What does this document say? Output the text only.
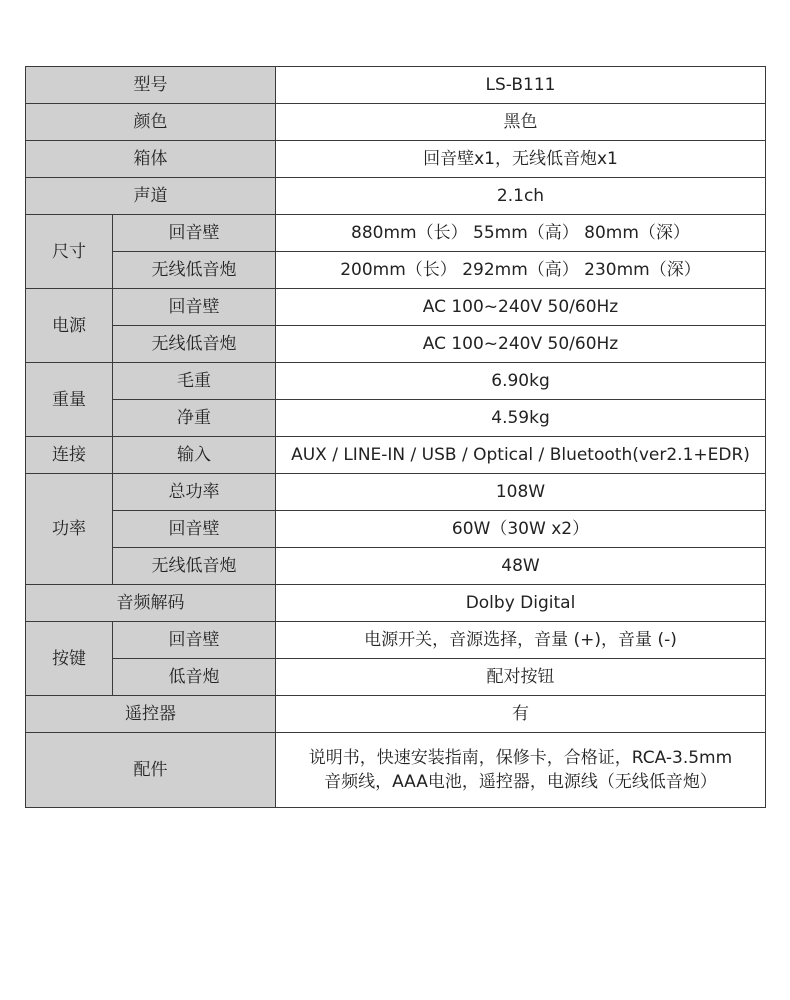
型号		LS-B111
颜色		黑色
箱体		回音壁x1，无线低音炮x1
声道		2.1ch
尺寸	回音壁	880mm（长） 55mm（高） 80mm（深）
	无线低音炮	200mm（长） 292mm（高） 230mm（深）
电源	回音壁	AC 100~240V 50/60Hz
	无线低音炮	AC 100~240V 50/60Hz
重量	毛重	6.90kg
	净重	4.59kg
连接	输入	AUX / LINE-IN / USB / Optical / Bluetooth(ver2.1+EDR)
功率	总功率	108W
	回音壁	60W（30W x2）
	无线低音炮	48W
音频解码		Dolby Digital
按键	回音壁	电源开关，音源选择，音量 (+)，音量 (-)
	低音炮	配对按钮
遥控器		有
配件		说明书，快速安装指南，保修卡，合格证，RCA-3.5mm
音频线，AAA电池，遥控器，电源线（无线低音炮）
